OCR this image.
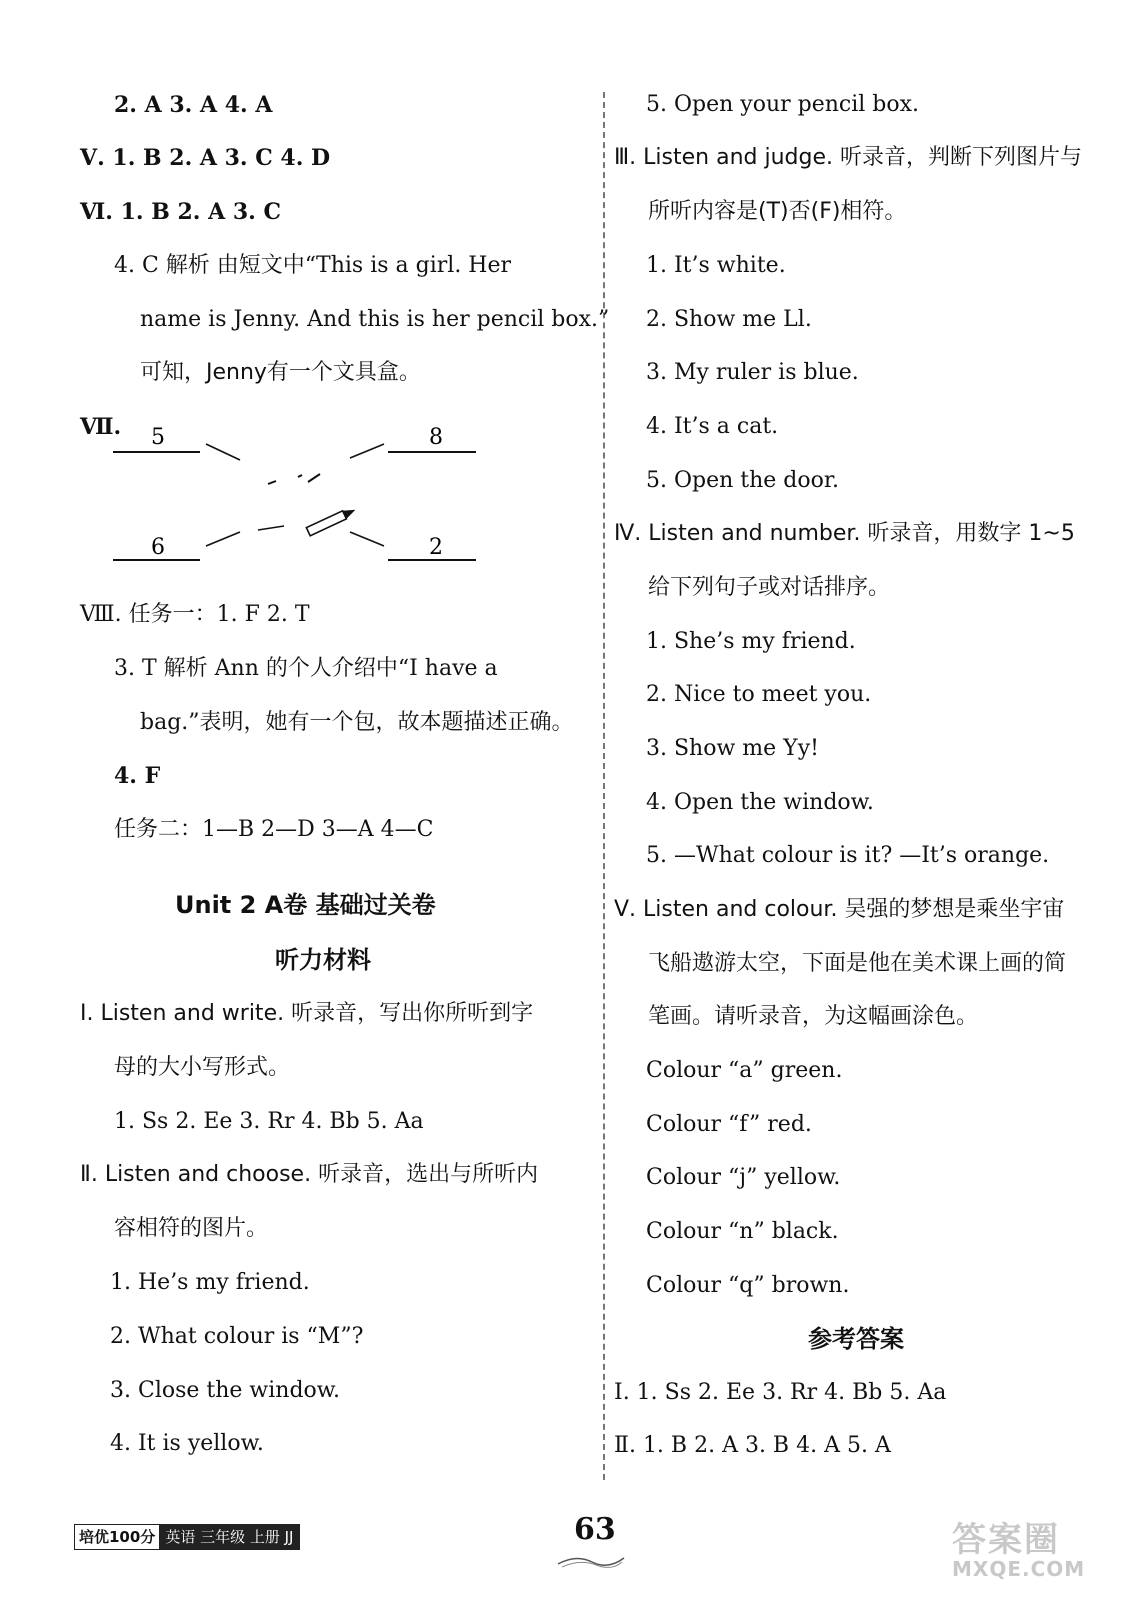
2. A 3. A 4. A
Ⅴ. 1. B 2. A 3. C 4. D
Ⅵ. 1. B 2. A 3. C
4. C 解析 由短文中“This is a girl. Her
name is Jenny. And this is her pencil box.”
可知，Jenny有一个文具盒。
Ⅶ. 5	8
6	2
Ⅷ. 任务一：1. F 2. T
3. T 解析 Ann 的个人介绍中“I have a
bag.”表明，她有一个包，故本题描述正确。
4. F
任务二：1—B 2—D 3—A 4—C
Unit 2 A卷 基础过关卷
听力材料
Ⅰ. Listen and write. 听录音，写出你所听到字
母的大小写形式。
1. Ss 2. Ee 3. Rr 4. Bb 5. Aa
Ⅱ. Listen and choose. 听录音，选出与所听内
容相符的图片。
1. He’s my friend.
2. What colour is “M”?
3. Close the window.
4. It is yellow.
5. Open your pencil box.
Ⅲ. Listen and judge. 听录音，判断下列图片与
所听内容是(T)否(F)相符。
1. It’s white.
2. Show me Ll.
3. My ruler is blue.
4. It’s a cat.
5. Open the door.
Ⅳ. Listen and number. 听录音，用数字 1~5
给下列句子或对话排序。
1. She’s my friend.
2. Nice to meet you.
3. Show me Yy!
4. Open the window.
5. —What colour is it? —It’s orange.
Ⅴ. Listen and colour. 吴强的梦想是乘坐宇宙
飞船遨游太空，下面是他在美术课上画的简
笔画。请听录音，为这幅画涂色。
Colour “a” green.
Colour “f” red.
Colour “j” yellow.
Colour “n” black.
Colour “q” brown.
参考答案
Ⅰ. 1. Ss 2. Ee 3. Rr 4. Bb 5. Aa
Ⅱ. 1. B 2. A 3. B 4. A 5. A
培优100分 英语 三年级 上册 JJ	63	答案圈
MXQE.COM
